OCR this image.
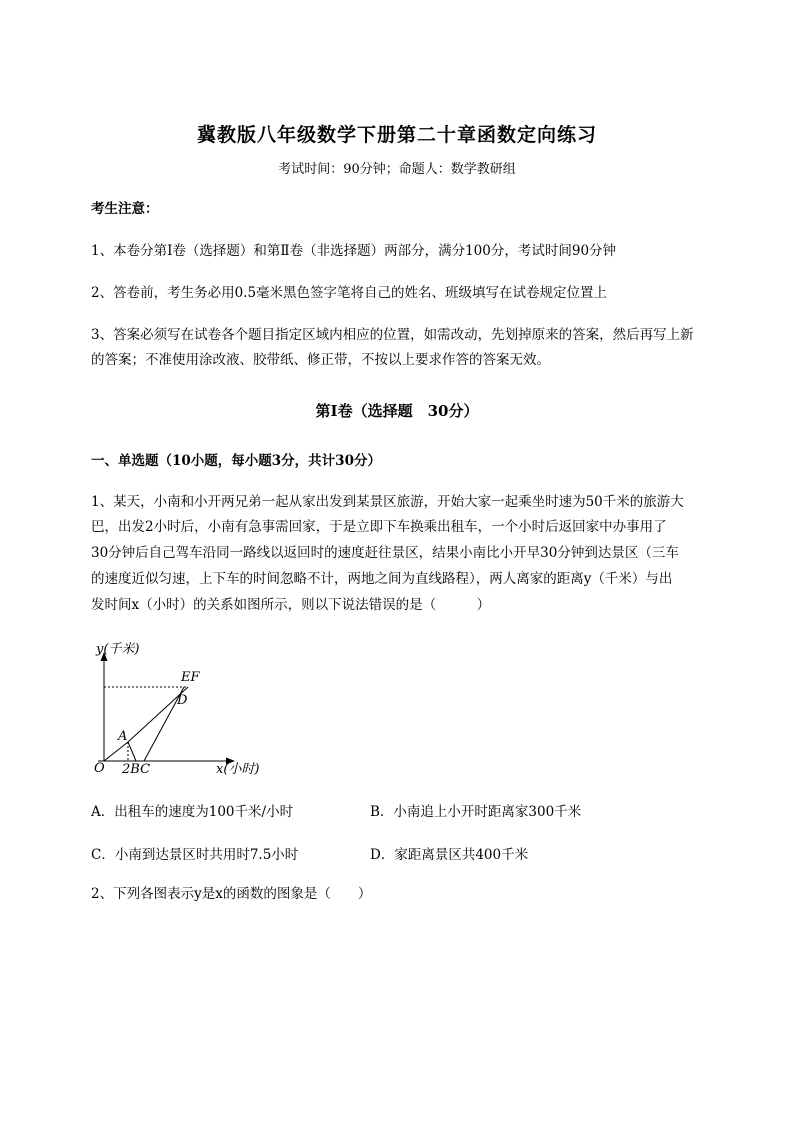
冀教版八年级数学下册第二十章函数定向练习
考试时间：90分钟；命题人：数学教研组
考生注意：
1、本卷分第Ⅰ卷（选择题）和第Ⅱ卷（非选择题）两部分，满分100分，考试时间90分钟
2、答卷前，考生务必用0.5毫米黑色签字笔将自己的姓名、班级填写在试卷规定位置上
3、答案必须写在试卷各个题目指定区域内相应的位置，如需改动，先划掉原来的答案，然后再写上新
的答案；不准使用涂改液、胶带纸、修正带，不按以上要求作答的答案无效。
第Ⅰ卷（选择题　30分）
一、单选题（10小题，每小题3分，共计30分）
1、某天，小南和小开两兄弟一起从家出发到某景区旅游，开始大家一起乘坐时速为50千米的旅游大
巴，出发2小时后，小南有急事需回家，于是立即下车换乘出租车，一个小时后返回家中办事用了
30分钟后自己驾车沿同一路线以返回时的速度赶往景区，结果小南比小开早30分钟到达景区（三车
的速度近似匀速，上下车的时间忽略不计，两地之间为直线路程），两人离家的距离y（千米）与出
发时间x（小时）的关系如图所示，则以下说法错误的是（　　　）
y(千米)
x(小时)
O
A
2BC
D
EF
A．出租车的速度为100千米/小时	B．小南追上小开时距离家300千米
C．小南到达景区时共用时7.5小时	D．家距离景区共400千米
2、下列各图表示y是x的函数的图象是（　　）
